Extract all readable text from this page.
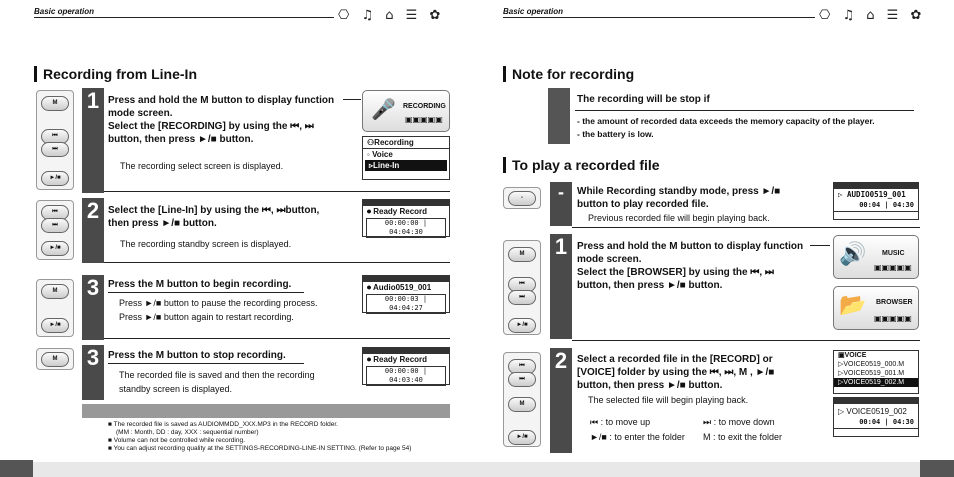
Basic operation	⎔ ♫ ⌂ ☰ ✿
Recording from Line-In
M
⏮
⏭
►/■
1 Press and hold the M button to display function mode screen.
Select the [RECORDING] by using the ⏮, ⏭
button, then press ►/■ button.
The recording select screen is displayed.
🎤 RECORDING
▣▣▣▣▣
⚇Recording
◦ Voice
▹Line-In
⏮
⏭
►/■
2 Select the [Line-In] by using the ⏮, ⏭button,
then press ►/■ button.
The recording standby screen is displayed.
⏺ Ready Record
00:00:00 | 04:04:30
M
►/■
3 Press the M button to begin recording.
Press ►/■ button to pause the recording process.
Press ►/■ button again to restart recording.
⏺ Audio0519_001
00:00:03 | 04:04:27
M	3 Press the M button to stop recording.
The recorded file is saved and then the recording
standby screen is displayed.
⏺ Ready Record
00:00:00 | 04:03:40
■ The recorded file is saved as AUDIOMMDD_XXX.MP3 in the RECORD folder.
(MM : Month, DD : day, XXX : sequential number)
■ Volume can not be controlled while recording.
■ You can adjust recording quality at the SETTINGS-RECORDING-LINE-IN SETTING. (Refer to page 54)
Basic operation	⎔ ♫ ⌂ ☰ ✿
Note for recording
The recording will be stop if
- the amount of recorded data exceeds the memory capacity of the player.
- the battery is low.
To play a recorded file
-	-	While Recording standby mode, press ►/■
button to play recorded file.
Previous recorded file will begin playing back.
▷ AUDIO0519_001
00:04 | 04:30
M
⏮
⏭
►/■
1 Press and hold the M button to display function
mode screen.
Select the [BROWSER] by using the ⏮, ⏭
button, then press ►/■ button.
🔊 MUSIC
▣▣▣▣▣
📂 BROWSER
▣▣▣▣▣
⏮
⏭
M
►/■
2 Select a recorded file in the [RECORD] or
[VOICE] folder by using the ⏮, ⏭, M , ►/■
button, then press ►/■ button.
The selected file will begin playing back.
⏮ : to move up	⏭ : to move down
►/■ : to enter the folder M : to exit the folder
▣VOICE
▷VOICE0519_000.M
▷VOICE0519_001.M
▷VOICE0519_002.M
▷ VOICE0519_002
00:04 | 04:30
